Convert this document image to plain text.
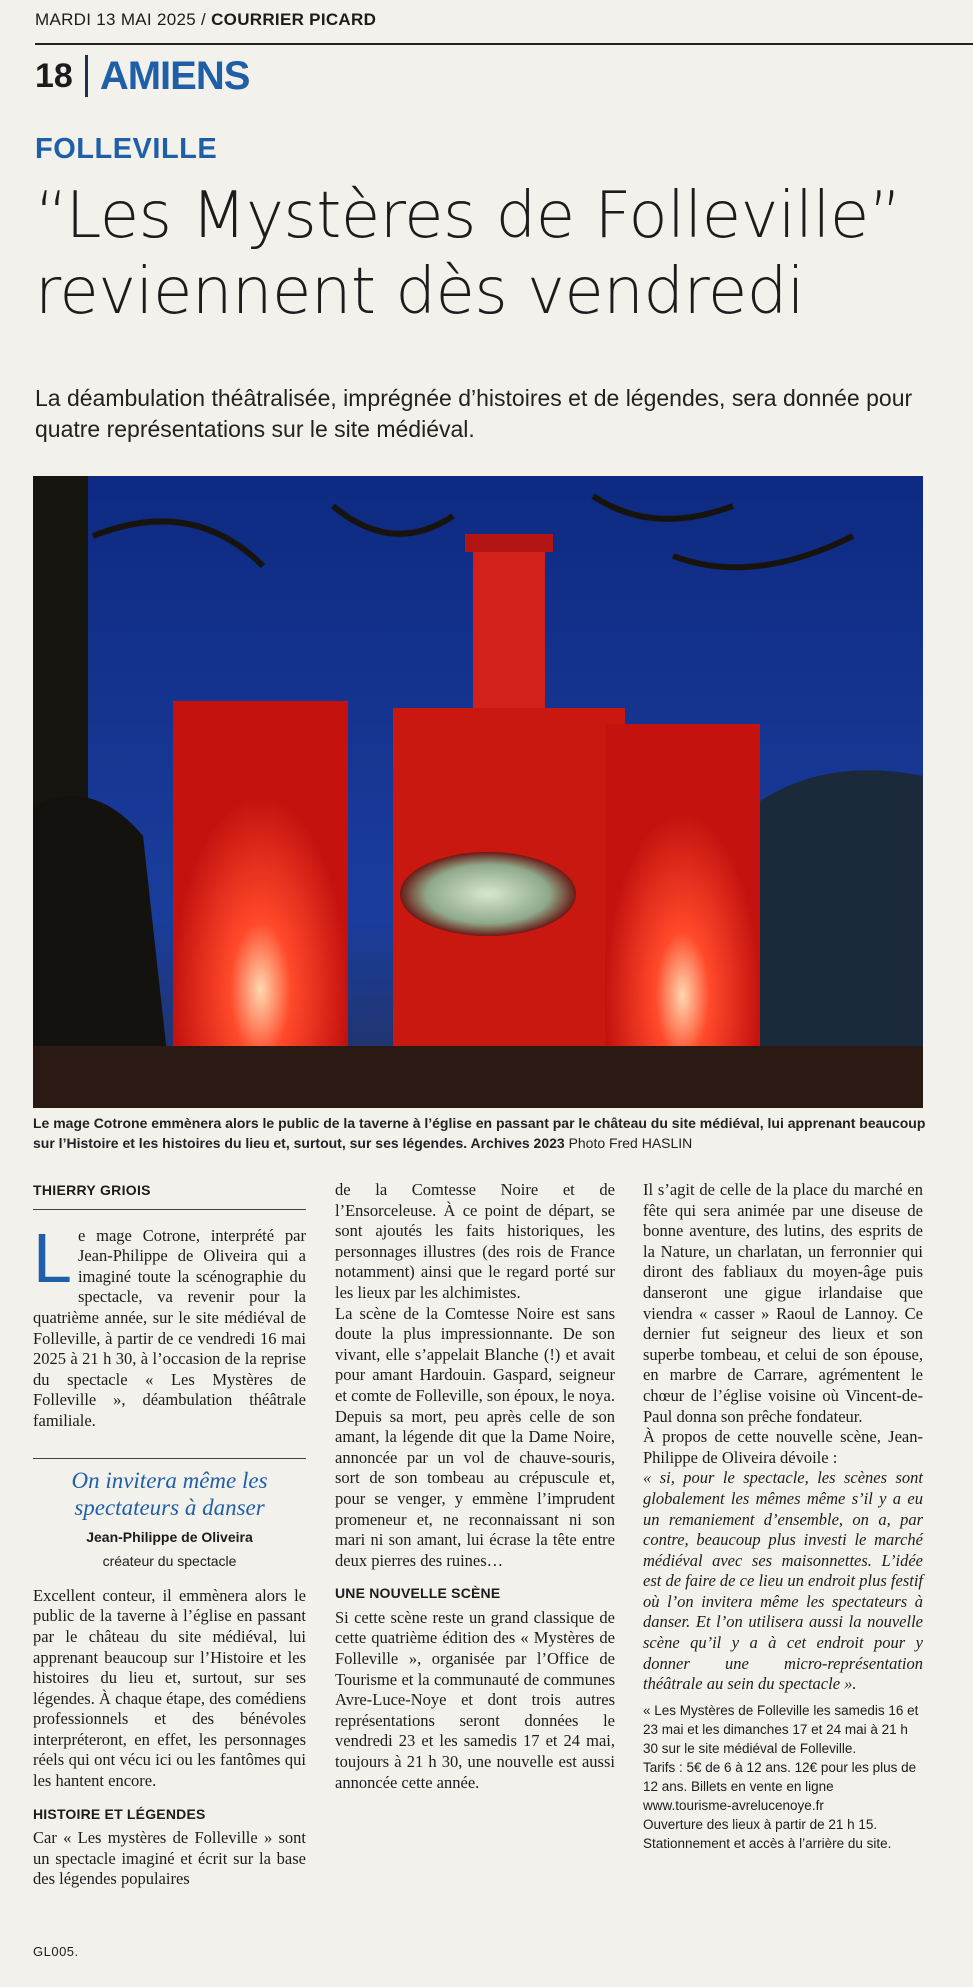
MARDI 13 MAI 2025 / COURRIER PICARD
18 AMIENS
FOLLEVILLE
“Les Mystères de Folleville” reviennent dès vendredi
La déambulation théâtralisée, imprégnée d’histoires et de légendes, sera donnée pour quatre représentations sur le site médiéval.
Le mage Cotrone emmènera alors le public de la taverne à l’église en passant par le château du site médiéval, lui apprenant beaucoup sur l’Histoire et les histoires du lieu et, surtout, sur ses légendes. Archives 2023 Photo Fred HASLIN
THIERRY GRIOIS

Le mage Cotrone, interprété par Jean-Philippe de Oliveira qui a imaginé toute la scénographie du spectacle, va revenir pour la quatrième année, sur le site médiéval de Folleville, à partir de ce vendredi 16 mai 2025 à 21 h 30, à l’occasion de la reprise du spectacle « Les Mystères de Folleville », déambulation théâtrale familiale.

On invitera même les spectateurs à danser
Jean-Philippe de Oliveira
créateur du spectacle

Excellent conteur, il emmènera alors le public de la taverne à l’église en passant par le château du site médiéval, lui apprenant beaucoup sur l’Histoire et les histoires du lieu et, surtout, sur ses légendes. À chaque étape, des comédiens professionnels et des bénévoles interpréteront, en effet, les personnages réels qui ont vécu ici ou les fantômes qui les hantent encore.

HISTOIRE ET LÉGENDES

Car « Les mystères de Folleville » sont un spectacle imaginé et écrit sur la base des légendes populaires

de la Comtesse Noire et de l’Ensorceleuse. À ce point de départ, se sont ajoutés les faits historiques, les personnages illustres (des rois de France notamment) ainsi que le regard porté sur les lieux par les alchimistes.

La scène de la Comtesse Noire est sans doute la plus impressionnante. De son vivant, elle s’appelait Blanche (!) et avait pour amant Hardouin. Gaspard, seigneur et comte de Folleville, son époux, le noya. Depuis sa mort, peu après celle de son amant, la légende dit que la Dame Noire, annoncée par un vol de chauve-souris, sort de son tombeau au crépuscule et, pour se venger, y emmène l’imprudent promeneur et, ne reconnaissant ni son mari ni son amant, lui écrase la tête entre deux pierres des ruines…

UNE NOUVELLE SCÈNE

Si cette scène reste un grand classique de cette quatrième édition des « Mystères de Folleville », organisée par l’Office de Tourisme et la communauté de communes Avre-Luce-Noye et dont trois autres représentations seront données le vendredi 23 et les samedis 17 et 24 mai, toujours à 21 h 30, une nouvelle est aussi annoncée cette année.

Il s’agit de celle de la place du marché en fête qui sera animée par une diseuse de bonne aventure, des lutins, des esprits de la Nature, un charlatan, un ferronnier qui diront des fabliaux du moyen-âge puis danseront une gigue irlandaise que viendra « casser » Raoul de Lannoy. Ce dernier fut seigneur des lieux et son superbe tombeau, et celui de son épouse, en marbre de Carrare, agrémentent le chœur de l’église voisine où Vincent-de-Paul donna son prêche fondateur.

À propos de cette nouvelle scène, Jean-Philippe de Oliveira dévoile :

« si, pour le spectacle, les scènes sont globalement les mêmes même s’il y a eu un remaniement d’ensemble, on a, par contre, beaucoup plus investi le marché médiéval avec ses maisonnettes. L’idée est de faire de ce lieu un endroit plus festif où l’on invitera même les spectateurs à danser. Et l’on utilisera aussi la nouvelle scène qu’il y a à cet endroit pour y donner une micro-représentation théâtrale au sein du spectacle ».

« Les Mystères de Folleville les samedis 16 et 23 mai et les dimanches 17 et 24 mai à 21 h 30 sur le site médiéval de Folleville.

Tarifs : 5€ de 6 à 12 ans. 12€ pour les plus de 12 ans. Billets en vente en ligne

www.tourisme-avrelucenoye.fr

Ouverture des lieux à partir de 21 h 15. Stationnement et accès à l’arrière du site.

GL005.
